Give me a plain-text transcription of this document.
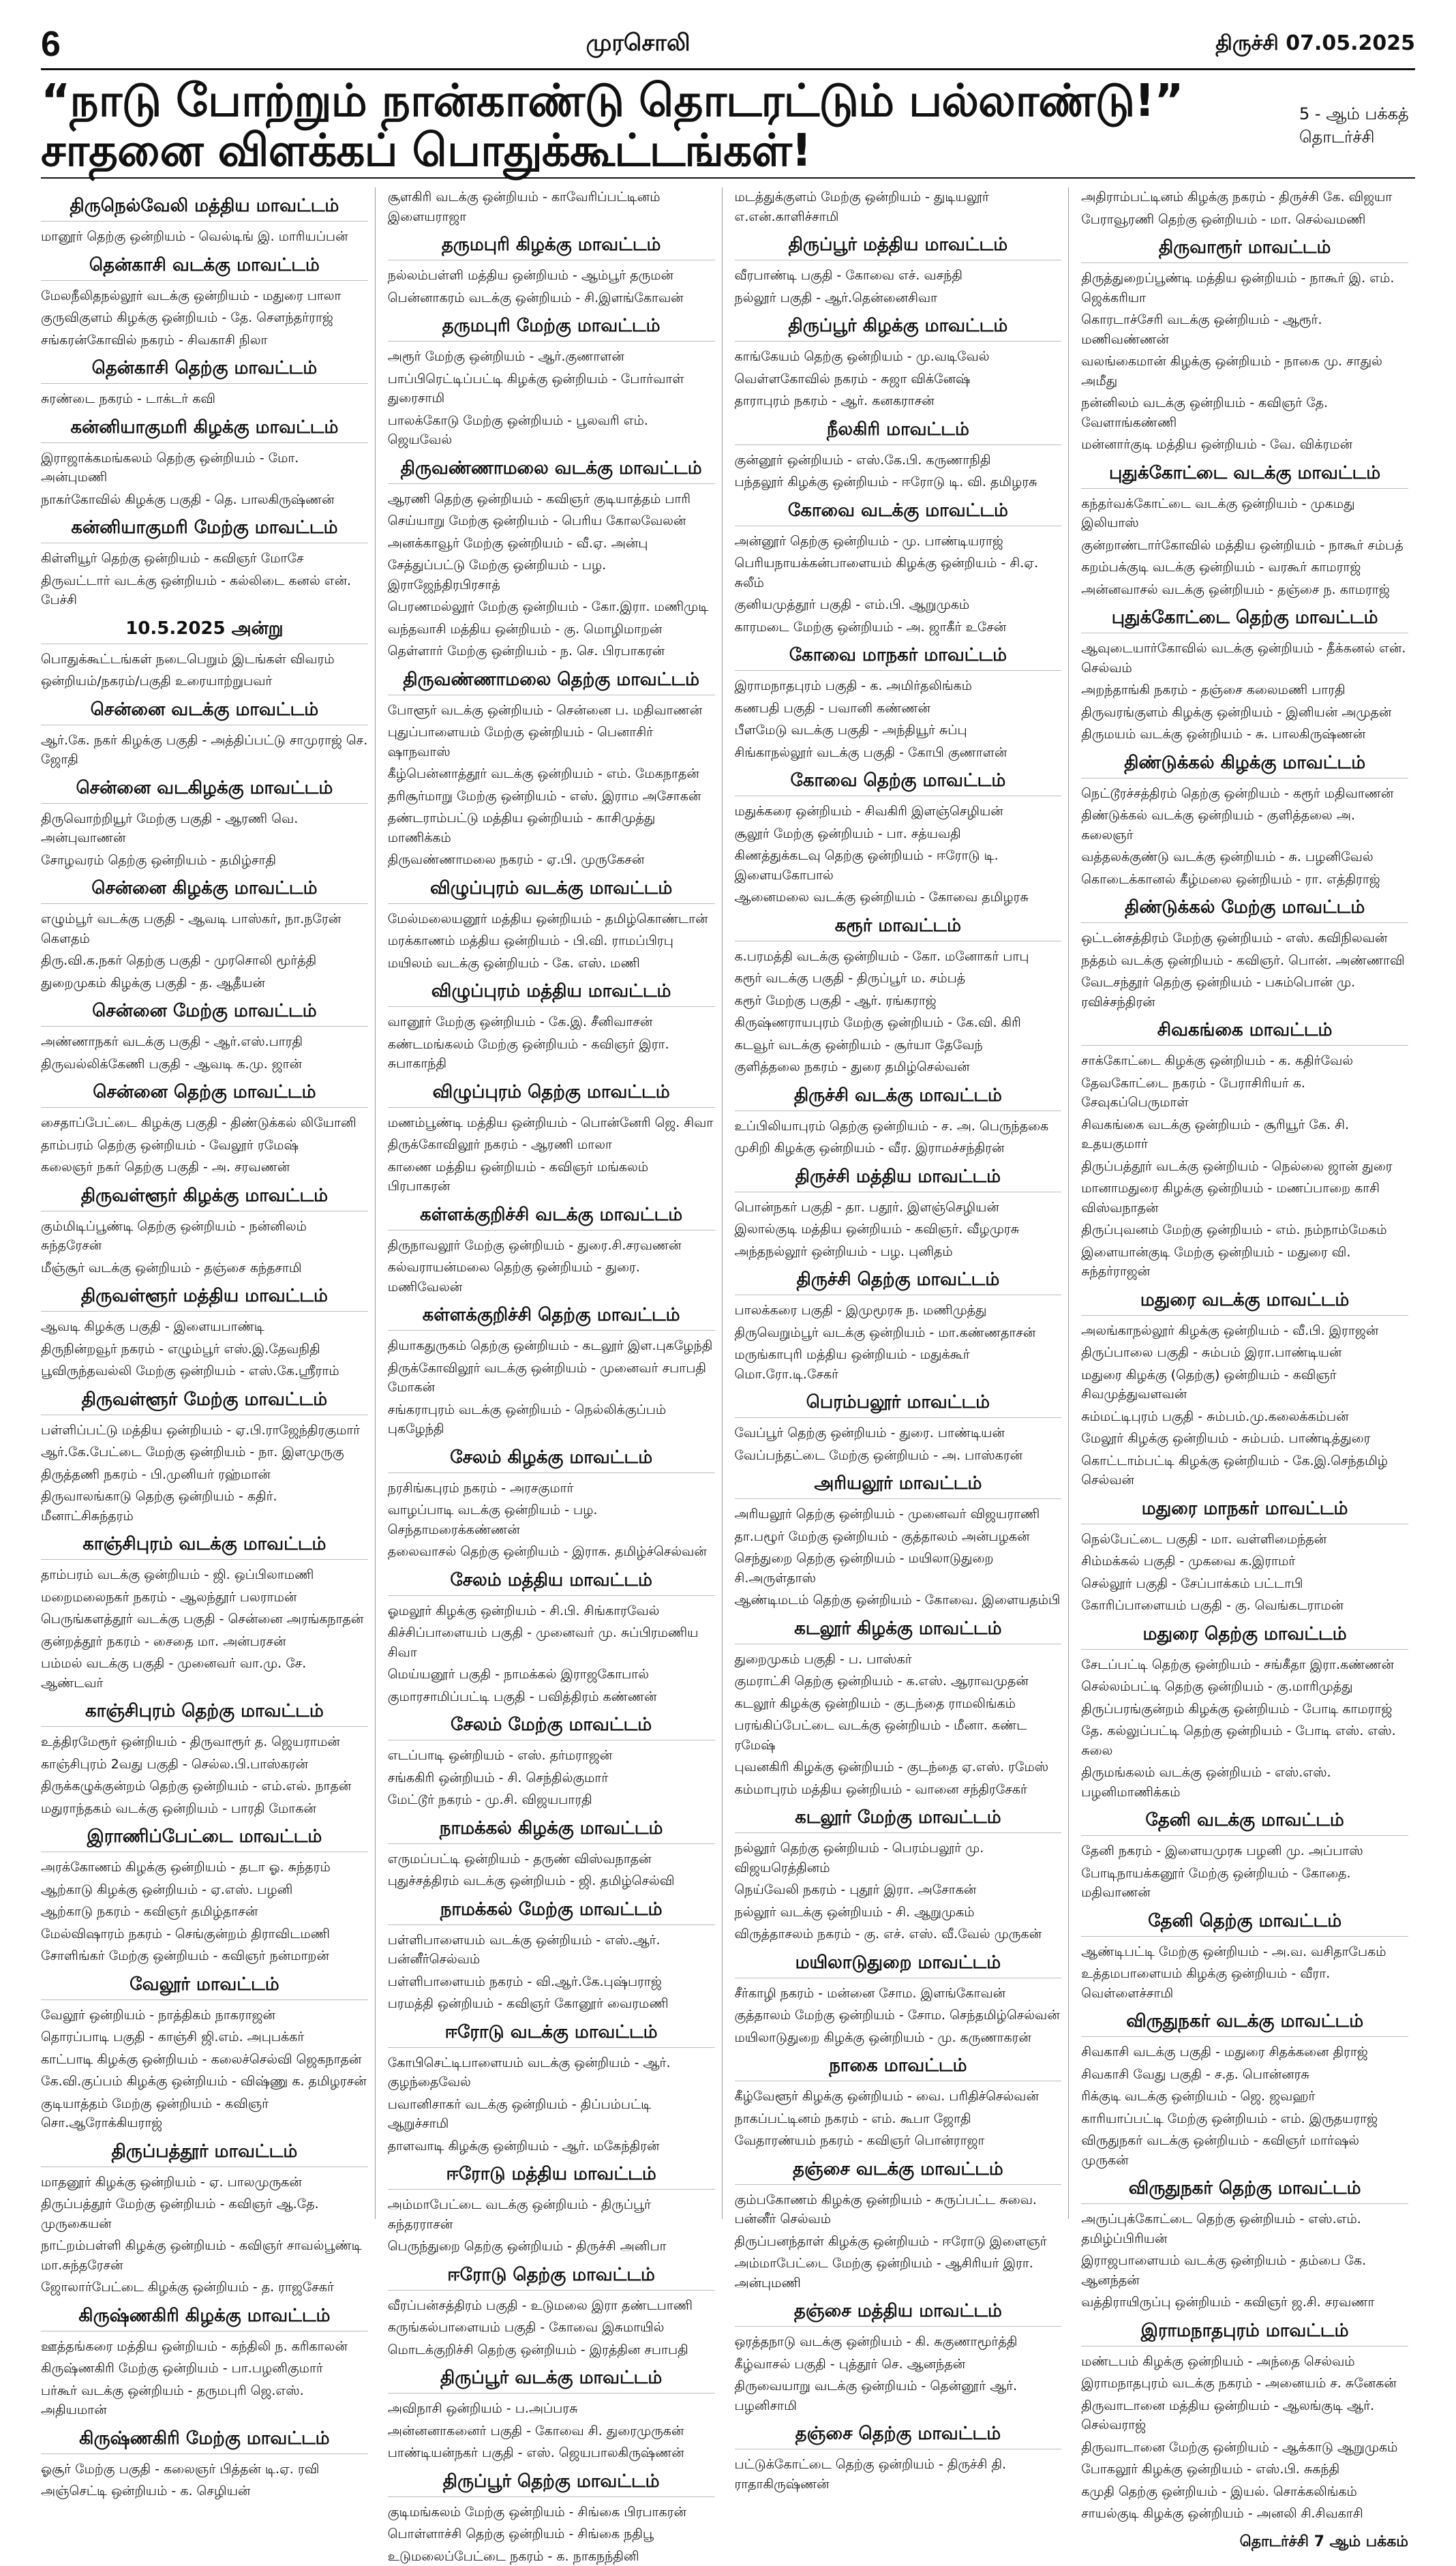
6	முரசொலி	திருச்சி 07.05.2025
“நாடு போற்றும் நான்காண்டு தொடரட்டும் பல்லாண்டு!” சாதனை விளக்கப் பொதுக்கூட்டங்கள்!
5 - ஆம் பக்கத் தொடர்ச்சி
திருநெல்வேலி மத்திய மாவட்டம்
மானூர் தெற்கு ஒன்றியம் - வெல்டிங் இ. மாரியப்பன்
தென்காசி வடக்கு மாவட்டம்
மேலநீலிதநல்லூர் வடக்கு ஒன்றியம் - மதுரை பாலா
குருவிகுளம் கிழக்கு ஒன்றியம் - தே. சௌந்தர்ராஜ்
சங்கரன்கோவில் நகரம் - சிவகாசி நிலா
தென்காசி தெற்கு மாவட்டம்
சுரண்டை நகரம் - டாக்டர் கவி
கன்னியாகுமரி கிழக்கு மாவட்டம்
இராஜாக்கமங்கலம் தெற்கு ஒன்றியம் - மோ. அன்புமணி
நாகர்கோவில் கிழக்கு பகுதி - தெ. பாலகிருஷ்ணன்
கன்னியாகுமரி மேற்கு மாவட்டம்
கிள்ளியூர் தெற்கு ஒன்றியம் - கவிஞர் மோசே
திருவட்டார் வடக்கு ஒன்றியம் - கல்லிடை கனல் என். பேச்சி
10.5.2025 அன்று
பொதுக்கூட்டங்கள் நடைபெறும் இடங்கள் விவரம்
ஒன்றியம்/நகரம்/பகுதி உரையாற்றுபவர்
சென்னை வடக்கு மாவட்டம்
ஆர்.கே. நகர் கிழக்கு பகுதி - அத்திப்பட்டு சாமுராஜ் செ. ஜோதி
சென்னை வடகிழக்கு மாவட்டம்
திருவொற்றியூர் மேற்கு பகுதி - ஆரணி வெ. அன்புவாணன்
சோழவரம் தெற்கு ஒன்றியம் - தமிழ்சாதி
சென்னை கிழக்கு மாவட்டம்
எழும்பூர் வடக்கு பகுதி - ஆவடி பாஸ்கர், நா.நரேன் கௌதம்
திரு.வி.க.நகர் தெற்கு பகுதி - முரசொலி மூர்த்தி
துறைமுகம் கிழக்கு பகுதி - த. ஆதீயன்
சென்னை மேற்கு மாவட்டம்
அண்ணாநகர் வடக்கு பகுதி - ஆர்.எஸ்.பாரதி
திருவல்லிக்கேணி பகுதி - ஆவடி க.மு. ஜான்
சென்னை தெற்கு மாவட்டம்
சைதாப்பேட்டை கிழக்கு பகுதி - திண்டுக்கல் லியோனி
தாம்பரம் தெற்கு ஒன்றியம் - வேலூர் ரமேஷ்
கலைஞர் நகர் தெற்கு பகுதி - அ. சரவணன்
திருவள்ளூர் கிழக்கு மாவட்டம்
கும்மிடிப்பூண்டி தெற்கு ஒன்றியம் - நன்னிலம் சுந்தரேசன்
மீஞ்சூர் வடக்கு ஒன்றியம் - தஞ்சை கந்தசாமி
திருவள்ளூர் மத்திய மாவட்டம்
ஆவடி கிழக்கு பகுதி - இளையபாண்டி
திருநின்றவூர் நகரம் - எழும்பூர் எஸ்.இ.தேவநிதி
பூவிருந்தவல்லி மேற்கு ஒன்றியம் - எஸ்.கே.ஸ்ரீராம்
திருவள்ளூர் மேற்கு மாவட்டம்
பள்ளிப்பட்டு மத்திய ஒன்றியம் - ஏ.பி.ராஜேந்திரகுமார்
ஆர்.கே.பேட்டை மேற்கு ஒன்றியம் - நா. இளமுருகு
திருத்தணி நகரம் - பி.முனியர் ரஹ்மான்
திருவாலங்காடு தெற்கு ஒன்றியம் - கதிர். மீனாட்சிசுந்தரம்
காஞ்சிபுரம் வடக்கு மாவட்டம்
தாம்பரம் வடக்கு ஒன்றியம் - ஜி. ஒப்பிலாமணி
மறைமலைநகர் நகரம் - ஆலந்தூர் பலராமன்
பெருங்களத்தூர் வடக்கு பகுதி - சென்னை அரங்கநாதன்
குன்றத்தூர் நகரம் - சைதை மா. அன்பரசன்
பம்மல் வடக்கு பகுதி - முனைவர் வா.மு. சே. ஆண்டவர்
காஞ்சிபுரம் தெற்கு மாவட்டம்
உத்திரமேரூர் ஒன்றியம் - திருவாரூர் த. ஜெயராமன்
காஞ்சிபுரம் 2வது பகுதி - செல்ல.பி.பாஸ்கரன்
திருக்கழுக்குன்றம் தெற்கு ஒன்றியம் - எம்.எல். நாதன்
மதுராந்தகம் வடக்கு ஒன்றியம் - பாரதி மோகன்
இராணிப்பேட்டை மாவட்டம்
அரக்கோணம் கிழக்கு ஒன்றியம் - தடா ஓ. சுந்தரம்
ஆற்காடு கிழக்கு ஒன்றியம் - ஏ.எஸ். பழனி
ஆற்காடு நகரம் - கவிஞர் தமிழ்தாசன்
மேல்விஷாரம் நகரம் - செங்குன்றம் திராவிடமணி
சோளிங்கர் மேற்கு ஒன்றியம் - கவிஞர் நன்மாறன்
வேலூர் மாவட்டம்
வேலூர் ஒன்றியம் - நாத்திகம் நாகராஜன்
தொரப்பாடி பகுதி - காஞ்சி ஜி.எம். அபுபக்கர்
காட்பாடி கிழக்கு ஒன்றியம் - கலைச்செல்வி ஜெகநாதன்
கே.வி.குப்பம் கிழக்கு ஒன்றியம் - விஷ்ணு க. தமிழரசன்
குடியாத்தம் மேற்கு ஒன்றியம் - கவிஞர் சொ.ஆரோக்கியராஜ்
திருப்பத்தூர் மாவட்டம்
மாதனூர் கிழக்கு ஒன்றியம் - ஏ. பாலமுருகன்
திருப்பத்தூர் மேற்கு ஒன்றியம் - கவிஞர் ஆ.தே. முருகையன்
நாட்றம்பள்ளி கிழக்கு ஒன்றியம் - கவிஞர் சாவல்பூண்டி மா.சுந்தரேசன்
ஜோலார்பேட்டை கிழக்கு ஒன்றியம் - த. ராஜசேகர்
கிருஷ்ணகிரி கிழக்கு மாவட்டம்
ஊத்தங்கரை மத்திய ஒன்றியம் - கந்திலி ந. கரிகாலன்
கிருஷ்ணகிரி மேற்கு ஒன்றியம் - பா.பழனிகுமார்
பர்கூர் வடக்கு ஒன்றியம் - தருமபுரி ஜெ.எஸ். அதியமான்
கிருஷ்ணகிரி மேற்கு மாவட்டம்
ஓசூர் மேற்கு பகுதி - கலைஞர் பித்தன் டி.ஏ. ரவி
அஞ்செட்டி ஒன்றியம் - க. செழியன்
சூளகிரி வடக்கு ஒன்றியம் - காவேரிப்பட்டினம் இளையராஜா
தருமபுரி கிழக்கு மாவட்டம்
நல்லம்பள்ளி மத்திய ஒன்றியம் - ஆம்பூர் தருமன்
பென்னாகரம் வடக்கு ஒன்றியம் - சி.இளங்கோவன்
தருமபுரி மேற்கு மாவட்டம்
அரூர் மேற்கு ஒன்றியம் - ஆர்.குணாளன்
பாப்பிரெட்டிப்பட்டி கிழக்கு ஒன்றியம் - போர்வாள் துரைசாமி
பாலக்கோடு மேற்கு ஒன்றியம் - பூலவரி எம். ஜெயவேல்
திருவண்ணாமலை வடக்கு மாவட்டம்
ஆரணி தெற்கு ஒன்றியம் - கவிஞர் குடியாத்தம் பாரி
செய்யாறு மேற்கு ஒன்றியம் - பெரிய கோலவேலன்
அனக்காவூர் மேற்கு ஒன்றியம் - வீ.ஏ. அன்பு
சேத்துப்பட்டு மேற்கு ஒன்றியம் - பழ. இராஜேந்திரபிரசாத்
பெரணமல்லூர் மேற்கு ஒன்றியம் - கோ.இரா. மணிமுடி
வந்தவாசி மத்திய ஒன்றியம் - கு. மொழிமாறன்
தெள்ளார் மேற்கு ஒன்றியம் - ந. செ. பிரபாகரன்
திருவண்ணாமலை தெற்கு மாவட்டம்
போளூர் வடக்கு ஒன்றியம் - சென்னை ப. மதிவாணன்
புதுப்பாளையம் மேற்கு ஒன்றியம் - பெனாசிர் ஷாநவாஸ்
கீழ்பென்னாத்தூர் வடக்கு ஒன்றியம் - எம். மேகநாதன்
தரிசூர்மாறு மேற்கு ஒன்றியம் - எஸ். இராம அசோகன்
தண்டராம்பட்டு மத்திய ஒன்றியம் - காசிமுத்து மாணிக்கம்
திருவண்ணாமலை நகரம் - ஏ.பி. முருகேசன்
விழுப்புரம் வடக்கு மாவட்டம்
மேல்மலையனூர் மத்திய ஒன்றியம் - தமிழ்கொண்டான்
மரக்காணம் மத்திய ஒன்றியம் - பி.வி. ராமப்பிரபு
மயிலம் வடக்கு ஒன்றியம் - கே. எஸ். மணி
விழுப்புரம் மத்திய மாவட்டம்
வானூர் மேற்கு ஒன்றியம் - கே.இ. சீனிவாசன்
கண்டமங்கலம் மேற்கு ஒன்றியம் - கவிஞர் இரா. சுபாகாந்தி
விழுப்புரம் தெற்கு மாவட்டம்
மணம்பூண்டி மத்திய ஒன்றியம் - பொன்னேரி ஜெ. சிவா
திருக்கோவிலூர் நகரம் - ஆரணி மாலா
காணை மத்திய ஒன்றியம் - கவிஞர் மங்கலம் பிரபாகரன்
கள்ளக்குறிச்சி வடக்கு மாவட்டம்
திருநாவலூர் மேற்கு ஒன்றியம் - துரை.சி.சரவணன்
கல்வராயன்மலை தெற்கு ஒன்றியம் - துரை. மணிவேலன்
கள்ளக்குறிச்சி தெற்கு மாவட்டம்
தியாகதுருகம் தெற்கு ஒன்றியம் - கடலூர் இள.புகழேந்தி
திருக்கோவிலூர் வடக்கு ஒன்றியம் - முனைவர் சபாபதி மோகன்
சங்கராபுரம் வடக்கு ஒன்றியம் - நெல்லிக்குப்பம் புகழேந்தி
சேலம் கிழக்கு மாவட்டம்
நரசிங்கபுரம் நகரம் - அரசகுமார்
வாழப்பாடி வடக்கு ஒன்றியம் - பழ. செந்தாமரைக்கண்ணன்
தலைவாசல் தெற்கு ஒன்றியம் - இராசு. தமிழ்ச்செல்வன்
சேலம் மத்திய மாவட்டம்
ஓமலூர் கிழக்கு ஒன்றியம் - சி.பி. சிங்காரவேல்
கிச்சிப்பாளையம் பகுதி - முனைவர் மு. சுப்பிரமணிய சிவா
மெய்யனூர் பகுதி - நாமக்கல் இராஜகோபால்
குமாரசாமிப்பட்டி பகுதி - பவித்திரம் கண்ணன்
சேலம் மேற்கு மாவட்டம்
எடப்பாடி ஒன்றியம் - எஸ். தர்மராஜன்
சங்ககிரி ஒன்றியம் - சி. செந்தில்குமார்
மேட்டூர் நகரம் - மு.சி. விஜயபாரதி
நாமக்கல் கிழக்கு மாவட்டம்
எருமப்பட்டி ஒன்றியம் - தருண் விஸ்வநாதன்
புதுச்சத்திரம் வடக்கு ஒன்றியம் - ஜி. தமிழ்செல்வி
நாமக்கல் மேற்கு மாவட்டம்
பள்ளிபாளையம் வடக்கு ஒன்றியம் - எஸ்.ஆர். பன்னீர்செல்வம்
பள்ளிபாளையம் நகரம் - வி.ஆர்.கே.புஷ்பராஜ்
பரமத்தி ஒன்றியம் - கவிஞர் கோனூர் வைரமணி
ஈரோடு வடக்கு மாவட்டம்
கோபிசெட்டிபாளையம் வடக்கு ஒன்றியம் - ஆர். குழந்தைவேல்
பவானிசாகர் வடக்கு ஒன்றியம் - திப்பம்பட்டி ஆறுச்சாமி
தாளவாடி கிழக்கு ஒன்றியம் - ஆர். மகேந்திரன்
ஈரோடு மத்திய மாவட்டம்
அம்மாபேட்டை வடக்கு ஒன்றியம் - திருப்பூர் சுந்தரராசன்
பெருந்துறை தெற்கு ஒன்றியம் - திருச்சி அனிபா
ஈரோடு தெற்கு மாவட்டம்
வீரப்பன்சத்திரம் பகுதி - உடுமலை இரா தண்டபாணி
கருங்கல்பாளையம் பகுதி - கோவை இசுமாயில்
மொடக்குறிச்சி தெற்கு ஒன்றியம் - இரத்தின சபாபதி
திருப்பூர் வடக்கு மாவட்டம்
அவிநாசி ஒன்றியம் - ப.அப்பரசு
அன்னனாகனைர் பகுதி - கோவை சி. துரைமுருகன்
பாண்டியன்நகர் பகுதி - எஸ். ஜெயபாலகிருஷ்ணன்
திருப்பூர் தெற்கு மாவட்டம்
குடிமங்கலம் மேற்கு ஒன்றியம் - சிங்கை பிரபாகரன்
பொள்ளாச்சி தெற்கு ஒன்றியம் - சிங்கை நதிபூ
உடுமலைப்பேட்டை நகரம் - க. நாகநந்தினி
மடத்துக்குளம் மேற்கு ஒன்றியம் - துடியலூர் எ.என்.காளிச்சாமி
திருப்பூர் மத்திய மாவட்டம்
வீரபாண்டி பகுதி - கோவை எச். வசந்தி
நல்லூர் பகுதி - ஆர்.தென்னைசிவா
திருப்பூர் கிழக்கு மாவட்டம்
காங்கேயம் தெற்கு ஒன்றியம் - மு.வடிவேல்
வெள்ளகோவில் நகரம் - சுஜா விக்னேஷ்
தாராபுரம் நகரம் - ஆர். கனகராசன்
நீலகிரி மாவட்டம்
குன்னூர் ஒன்றியம் - எஸ்.கே.பி. கருணாநிதி
பந்தலூர் கிழக்கு ஒன்றியம் - ஈரோடு டி. வி. தமிழரசு
கோவை வடக்கு மாவட்டம்
அன்னூர் தெற்கு ஒன்றியம் - மு. பாண்டியராஜ்
பெரியநாயக்கன்பாளையம் கிழக்கு ஒன்றியம் - சி.ஏ. சுலீம்
குனியமுத்தூர் பகுதி - எம்.பி. ஆறுமுகம்
காரமடை மேற்கு ஒன்றியம் - அ. ஜாகீர் உசேன்
கோவை மாநகர் மாவட்டம்
இராமநாதபுரம் பகுதி - க. அமிர்தலிங்கம்
கணபதி பகுதி - பவானி கண்ணன்
பீளமேடு வடக்கு பகுதி - அந்தியூர் சுப்பு
சிங்காநல்லூர் வடக்கு பகுதி - கோபி குணாளன்
கோவை தெற்கு மாவட்டம்
மதுக்கரை ஒன்றியம் - சிவகிரி இளஞ்செழியன்
சூலூர் மேற்கு ஒன்றியம் - பா. சத்யவதி
கிணத்துக்கடவு தெற்கு ஒன்றியம் - ஈரோடு டி. இளையகோபால்
ஆனைமலை வடக்கு ஒன்றியம் - கோவை தமிழரசு
கரூர் மாவட்டம்
க.பரமத்தி வடக்கு ஒன்றியம் - கோ. மனோகர் பாபு
கரூர் வடக்கு பகுதி - திருப்பூர் ம. சம்பத்
கரூர் மேற்கு பகுதி - ஆர். ரங்கராஜ்
கிருஷ்ணராயபுரம் மேற்கு ஒன்றியம் - கே.வி. கிரி
கடவூர் வடக்கு ஒன்றியம் - சூர்யா தேவேந்
குளித்தலை நகரம் - துரை தமிழ்செல்வன்
திருச்சி வடக்கு மாவட்டம்
உப்பிலியாபுரம் தெற்கு ஒன்றியம் - ச. அ. பெருந்தகை
முசிறி கிழக்கு ஒன்றியம் - வீர. இராமச்சந்திரன்
திருச்சி மத்திய மாவட்டம்
பொன்நகர் பகுதி - தா. பதூர். இளஞ்செழியன்
இலால்குடி மத்திய ஒன்றியம் - கவிஞர். வீழமுரசு
அந்தநல்லூர் ஒன்றியம் - பழ. புனிதம்
திருச்சி தெற்கு மாவட்டம்
பாலக்கரை பகுதி - இமுமூரசு ந. மணிமுத்து
திருவெறும்பூர் வடக்கு ஒன்றியம் - மா.கண்ணதாசன்
மருங்காபுரி மத்திய ஒன்றியம் - மதுக்கூர் மொ.ரோ.டி.சேகர்
பெரம்பலூர் மாவட்டம்
வேப்பூர் தெற்கு ஒன்றியம் - துரை. பாண்டியன்
வேப்பந்தட்டை மேற்கு ஒன்றியம் - அ. பாஸ்கரன்
அரியலூர் மாவட்டம்
அரியலூர் தெற்கு ஒன்றியம் - முனைவர் விஜயராணி
தா.பழூர் மேற்கு ஒன்றியம் - குத்தாலம் அன்பழகன்
செந்துறை தெற்கு ஒன்றியம் - மயிலாடுதுறை சி.அருள்தாஸ்
ஆண்டிமடம் தெற்கு ஒன்றியம் - கோவை. இளையதம்பி
கடலூர் கிழக்கு மாவட்டம்
துறைமுகம் பகுதி - ப. பாஸ்கர்
குமராட்சி தெற்கு ஒன்றியம் - க.எஸ். ஆராவமுதன்
கடலூர் கிழக்கு ஒன்றியம் - குடந்தை ராமலிங்கம்
பரங்கிப்பேட்டை வடக்கு ஒன்றியம் - மீனா. கண்ட ரமேஷ்
புவனகிரி கிழக்கு ஒன்றியம் - குடந்தை ஏ.எஸ். ரமேஸ்
கம்மாபுரம் மத்திய ஒன்றியம் - வானை சந்திரசேகர்
கடலூர் மேற்கு மாவட்டம்
நல்லூர் தெற்கு ஒன்றியம் - பெரம்பலூர் மு. விஜயரெத்தினம்
நெய்வேலி நகரம் - புதூர் இரா. அசோகன்
நல்லூர் வடக்கு ஒன்றியம் - சி. ஆறுமுகம்
விருத்தாசலம் நகரம் - கு. எச். எஸ். வீ.வேல் முருகன்
மயிலாடுதுறை மாவட்டம்
சீர்காழி நகரம் - மன்னை சோம. இளங்கோவன்
குத்தாலம் மேற்கு ஒன்றியம் - சோம. செந்தமிழ்செல்வன்
மயிலாடுதுறை கிழக்கு ஒன்றியம் - மு. கருணாகரன்
நாகை மாவட்டம்
கீழ்வேளூர் கிழக்கு ஒன்றியம் - வை. பரிதிச்செல்வன்
நாகப்பட்டினம் நகரம் - எம். கூபா ஜோதி
வேதாரண்யம் நகரம் - கவிஞர் பொன்ராஜா
தஞ்சை வடக்கு மாவட்டம்
கும்பகோணம் கிழக்கு ஒன்றியம் - சுருப்பட்ட சுவை. பன்னீர் செல்வம்
திருப்பனந்தாள் கிழக்கு ஒன்றியம் - ஈரோடு இளைஞர்
அம்மாபேட்டை மேற்கு ஒன்றியம் - ஆசிரியர் இரா. அன்புமணி
தஞ்சை மத்திய மாவட்டம்
ஒரத்தநாடு வடக்கு ஒன்றியம் - கி. சுகுணாமூர்த்தி
கீழ்வாசல் பகுதி - புத்தூர் செ. ஆனந்தன்
திருவையாறு வடக்கு ஒன்றியம் - தென்னூர் ஆர். பழனிசாமி
தஞ்சை தெற்கு மாவட்டம்
பட்டுக்கோட்டை தெற்கு ஒன்றியம் - திருச்சி தி. ராதாகிருஷ்ணன்
அதிராம்பட்டினம் கிழக்கு நகரம் - திருச்சி கே. விஜயா
பேராவூரணி தெற்கு ஒன்றியம் - மா. செல்வமணி
திருவாரூர் மாவட்டம்
திருத்துறைப்பூண்டி மத்திய ஒன்றியம் - நாகூர் இ. எம். ஜெக்கரியா
கொரடாச்சேரி வடக்கு ஒன்றியம் - ஆரூர். மணிவண்ணன்
வலங்கைமான் கிழக்கு ஒன்றியம் - நாகை மு. சாதுல் அமீது
நன்னிலம் வடக்கு ஒன்றியம் - கவிஞர் தே. வேளாங்கண்ணி
மன்னார்குடி மத்திய ஒன்றியம் - வே. விக்ரமன்
புதுக்கோட்டை வடக்கு மாவட்டம்
கந்தர்வக்கோட்டை வடக்கு ஒன்றியம் - முகமது இலியாஸ்
குன்றாண்டார்கோவில் மத்திய ஒன்றியம் - நாகூர் சம்பத்
கறம்பக்குடி வடக்கு ஒன்றியம் - வரகூர் காமராஜ்
அன்னவாசல் வடக்கு ஒன்றியம் - தஞ்சை ந. காமராஜ்
புதுக்கோட்டை தெற்கு மாவட்டம்
ஆவுடையார்கோவில் வடக்கு ஒன்றியம் - தீக்கனல் என். செல்வம்
அறந்தாங்கி நகரம் - தஞ்சை கலைமணி பாரதி
திருவரங்குளம் கிழக்கு ஒன்றியம் - இனியன் அமுதன்
திருமயம் வடக்கு ஒன்றியம் - சு. பாலகிருஷ்ணன்
திண்டுக்கல் கிழக்கு மாவட்டம்
நெட்டூரச்சத்திரம் தெற்கு ஒன்றியம் - கரூர் மதிவாணன்
திண்டுக்கல் வடக்கு ஒன்றியம் - குளித்தலை அ. கலைஞர்
வத்தலக்குண்டு வடக்கு ஒன்றியம் - சு. பழனிவேல்
கொடைக்கானல் கீழ்மலை ஒன்றியம் - ரா. எத்திராஜ்
திண்டுக்கல் மேற்கு மாவட்டம்
ஒட்டன்சத்திரம் மேற்கு ஒன்றியம் - எஸ். கவிநிலவன்
நத்தம் வடக்கு ஒன்றியம் - கவிஞர். பொன். அண்ணாவி
வேடசந்தூர் தெற்கு ஒன்றியம் - பசும்பொன் மு. ரவிச்சந்திரன்
சிவகங்கை மாவட்டம்
சாக்கோட்டை கிழக்கு ஒன்றியம் - க. கதிர்வேல்
தேவகோட்டை நகரம் - பேராசிரியர் க. சேவுகப்பெருமாள்
சிவகங்கை வடக்கு ஒன்றியம் - சூரியூர் கே. சி. உதயகுமார்
திருப்பத்தூர் வடக்கு ஒன்றியம் - நெல்லை ஜான் துரை
மானாமதுரை கிழக்கு ஒன்றியம் - மணப்பாறை காசி விஸ்வநாதன்
திருப்புவனம் மேற்கு ஒன்றியம் - எம். நம்நாம்மேகம்
இளையான்குடி மேற்கு ஒன்றியம் - மதுரை வி. சுந்தர்ராஜன்
மதுரை வடக்கு மாவட்டம்
அலங்காநல்லூர் கிழக்கு ஒன்றியம் - வீ.பி. இராஜன்
திருப்பாலை பகுதி - சும்பம் இரா.பாண்டியன்
மதுரை கிழக்கு (தெற்கு) ஒன்றியம் - கவிஞர் சிவமுத்துவளவன்
சும்மட்டிபுரம் பகுதி - சும்பம்.மு.கலைக்கம்பன்
மேலூர் கிழக்கு ஒன்றியம் - சும்பம். பாண்டித்துரை
கொட்டாம்பட்டி கிழக்கு ஒன்றியம் - கே.இ.செந்தமிழ் செல்வன்
மதுரை மாநகர் மாவட்டம்
நெல்பேட்டை பகுதி - மா. வள்ளிமைந்தன்
சிம்மக்கல் பகுதி - முகவை க.இராமர்
செல்லூர் பகுதி - சேப்பாக்கம் பட்டாபி
கோரிப்பாளையம் பகுதி - கு. வெங்கடராமன்
மதுரை தெற்கு மாவட்டம்
சேடப்பட்டி தெற்கு ஒன்றியம் - சங்கீதா இரா.கண்ணன்
செல்லம்பட்டி தெற்கு ஒன்றியம் - கு.மாரிமுத்து
திருப்பரங்குன்றம் கிழக்கு ஒன்றியம் - போடி காமராஜ்
தே. கல்லுப்பட்டி தெற்கு ஒன்றியம் - போடி எஸ். எஸ். சுலை
திருமங்கலம் வடக்கு ஒன்றியம் - எஸ்.எஸ். பழனிமாணிக்கம்
தேனி வடக்கு மாவட்டம்
தேனி நகரம் - இளையமுரசு பழனி மு. அப்பாஸ்
போடிநாயக்கனூர் மேற்கு ஒன்றியம் - கோதை. மதிவாணன்
தேனி தெற்கு மாவட்டம்
ஆண்டிபட்டி மேற்கு ஒன்றியம் - அ.வ. வசிதாபேகம்
உத்தமபாளையம் கிழக்கு ஒன்றியம் - வீரா. வெள்ளைச்சாமி
விருதுநகர் வடக்கு மாவட்டம்
சிவகாசி வடக்கு பகுதி - மதுரை சிதக்கனை திராஜ்
சிவகாசி வேது பகுதி - ச.த. பொன்னரசு
ரிக்குடி வடக்கு ஒன்றியம் - ஜெ. ஜவஹர்
காரியாப்பட்டி மேற்கு ஒன்றியம் - எம். இருதயராஜ்
விருதுநகர் வடக்கு ஒன்றியம் - கவிஞர் மார்ஷல் முருகன்
விருதுநகர் தெற்கு மாவட்டம்
அருப்புக்கோட்டை தெற்கு ஒன்றியம் - எஸ்.எம். தமிழ்ப்பிரியன்
இராஜபாளையம் வடக்கு ஒன்றியம் - தம்பை கே. ஆனந்தன்
வத்திராயிருப்பு ஒன்றியம் - கவிஞர் ஜ.சி. சரவணா
இராமநாதபுரம் மாவட்டம்
மண்டபம் கிழக்கு ஒன்றியம் - அந்தை செல்வம்
இராமநாதபுரம் வடக்கு நகரம் - அனையம் ச. சுனேகன்
திருவாடானை மத்திய ஒன்றியம் - ஆலங்குடி ஆர். செல்வராஜ்
திருவாடானை மேற்கு ஒன்றியம் - ஆக்காடு ஆறுமுகம்
போகலூர் கிழக்கு ஒன்றியம் - எஸ்.பி. சுகந்தி
கமுதி தெற்கு ஒன்றியம் - இயல். சொக்கலிங்கம்
சாயல்குடி கிழக்கு ஒன்றியம் - அனலி சி.சிவகாசி
தொடர்ச்சி 7 ஆம் பக்கம்
